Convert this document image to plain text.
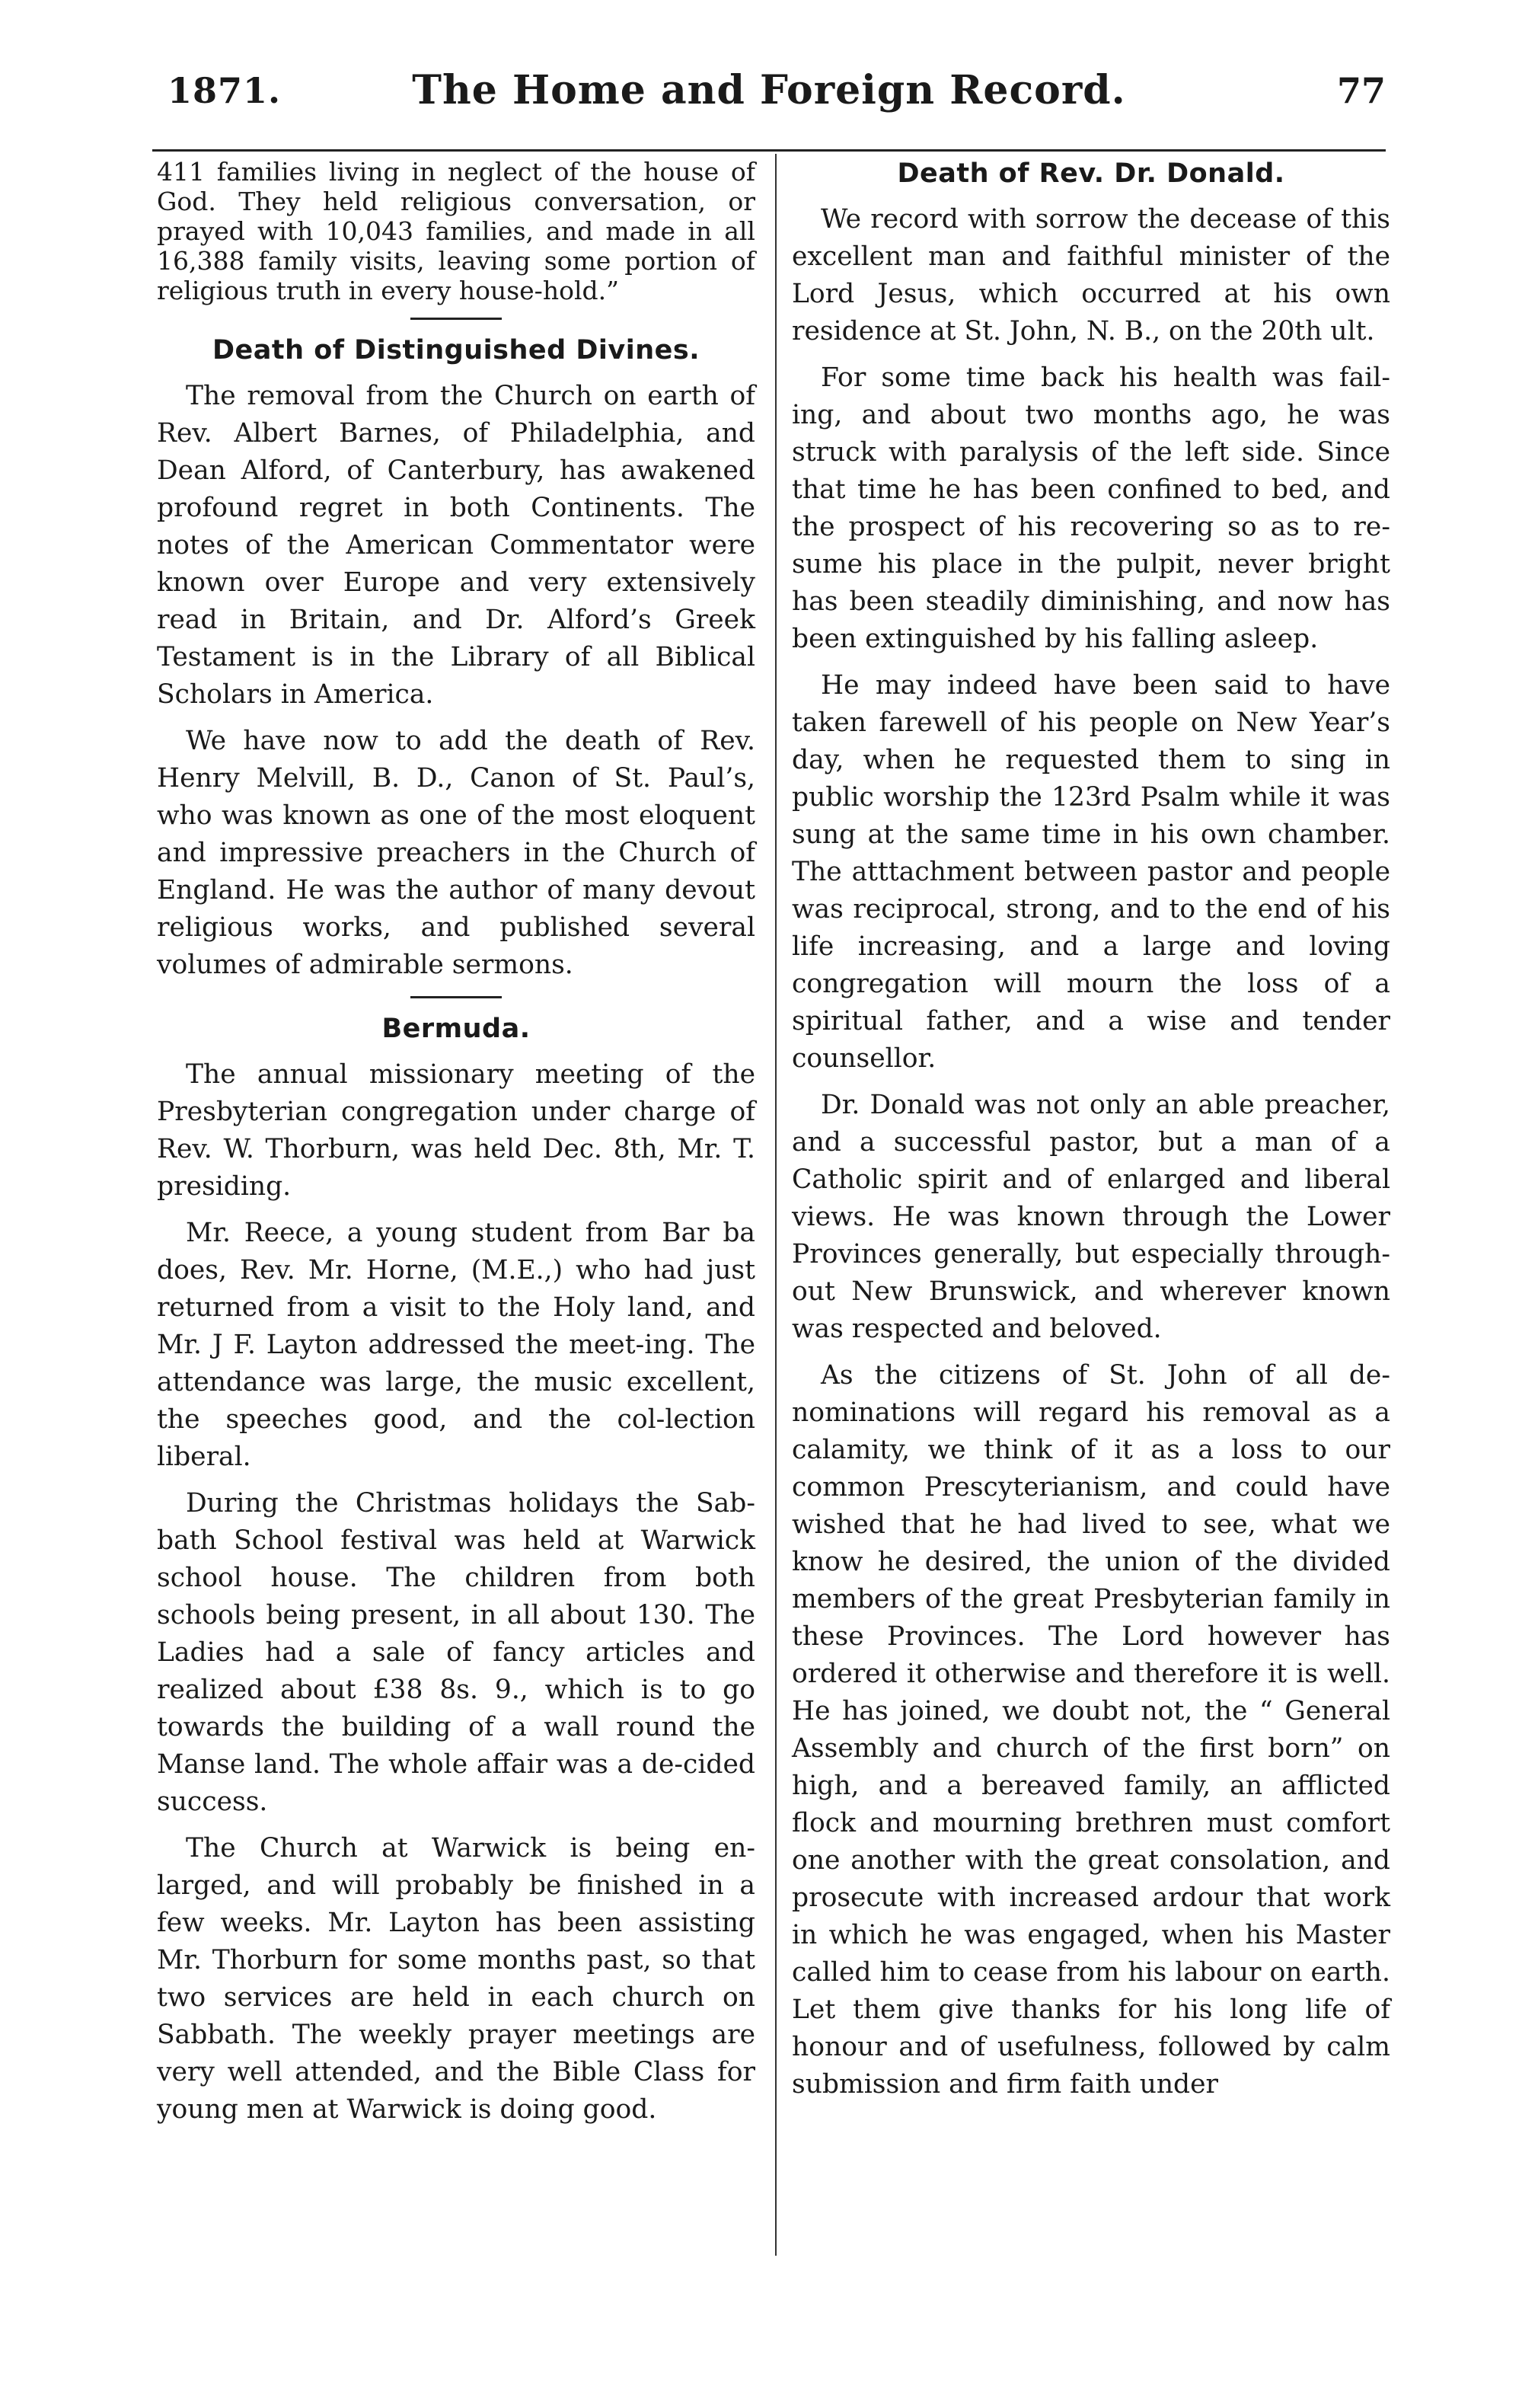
1871.	The Home and Foreign Record.	77

411 families living in neglect of the house of God. They held religious conversation, or prayed with 10,043 families, and made in all 16,388 family visits, leaving some portion of religious truth in every house-hold.”

Death of Distinguished Divines.

The removal from the Church on earth of Rev. Albert Barnes, of Philadelphia, and Dean Alford, of Canterbury, has awakened profound regret in both Continents. The notes of the American Commentator were known over Europe and very extensively read in Britain, and Dr. Alford’s Greek Testament is in the Library of all Biblical Scholars in America.

We have now to add the death of Rev. Henry Melvill, B. D., Canon of St. Paul’s, who was known as one of the most eloquent and impressive preachers in the Church of England. He was the author of many devout religious works, and published several volumes of admirable sermons.

Bermuda.

The annual missionary meeting of the Presbyterian congregation under charge of Rev. W. Thorburn, was held Dec. 8th, Mr. T. presiding.

Mr. Reece, a young student from Bar ba does, Rev. Mr. Horne, (M.E.,) who had just returned from a visit to the Holy land, and Mr. J F. Layton addressed the meet-ing. The attendance was large, the music excellent, the speeches good, and the col-lection liberal.

During the Christmas holidays the Sab-bath School festival was held at Warwick school house. The children from both schools being present, in all about 130. The Ladies had a sale of fancy articles and realized about £38 8s. 9., which is to go towards the building of a wall round the Manse land. The whole affair was a de-cided success.

The Church at Warwick is being en-larged, and will probably be finished in a few weeks. Mr. Layton has been assisting Mr. Thorburn for some months past, so that two services are held in each church on Sabbath. The weekly prayer meetings are very well attended, and the Bible Class for young men at Warwick is doing good.

Death of Rev. Dr. Donald.

We record with sorrow the decease of this excellent man and faithful minister of the Lord Jesus, which occurred at his own residence at St. John, N. B., on the 20th ult.

For some time back his health was fail-ing, and about two months ago, he was struck with paralysis of the left side. Since that time he has been confined to bed, and the prospect of his recovering so as to re-sume his place in the pulpit, never bright has been steadily diminishing, and now has been extinguished by his falling asleep.

He may indeed have been said to have taken farewell of his people on New Year’s day, when he requested them to sing in public worship the 123rd Psalm while it was sung at the same time in his own chamber. The atttachment between pastor and people was reciprocal, strong, and to the end of his life increasing, and a large and loving congregation will mourn the loss of a spiritual father, and a wise and tender counsellor.

Dr. Donald was not only an able preacher, and a successful pastor, but a man of a Catholic spirit and of enlarged and liberal views. He was known through the Lower Provinces generally, but especially through-out New Brunswick, and wherever known was respected and beloved.

As the citizens of St. John of all de-nominations will regard his removal as a calamity, we think of it as a loss to our common Prescyterianism, and could have wished that he had lived to see, what we know he desired, the union of the divided members of the great Presbyterian family in these Provinces. The Lord however has ordered it otherwise and therefore it is well. He has joined, we doubt not, the “ General Assembly and church of the first born” on high, and a bereaved family, an afflicted flock and mourning brethren must comfort one another with the great consolation, and prosecute with increased ardour that work in which he was engaged, when his Master called him to cease from his labour on earth. Let them give thanks for his long life of honour and of usefulness, followed by calm submission and firm faith under
